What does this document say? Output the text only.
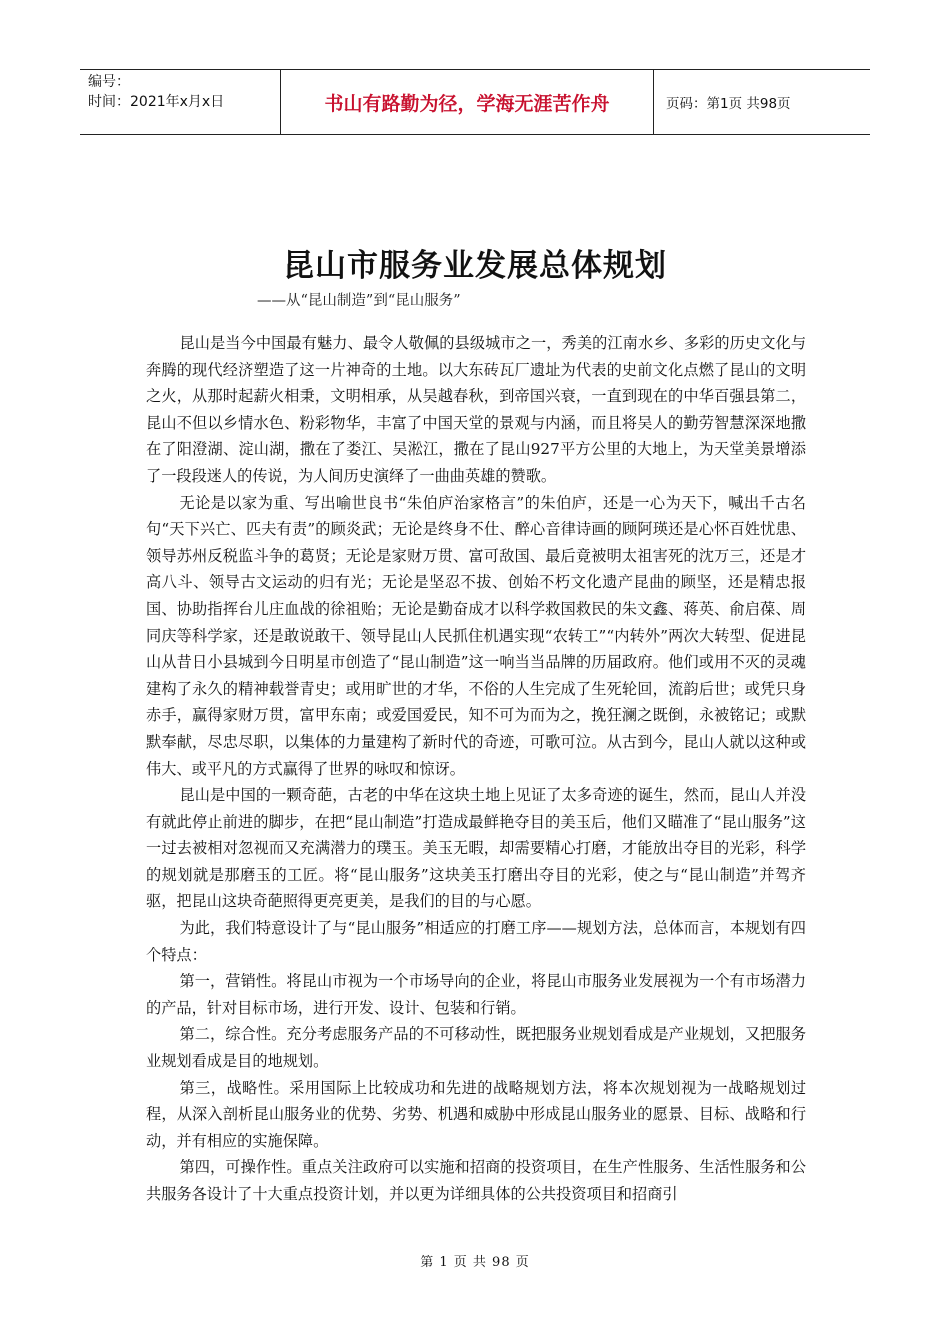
编号：
时间：2021年x月x日	书山有路勤为径，学海无涯苦作舟	页码：第1页 共98页
昆山市服务业发展总体规划
——从“昆山制造”到“昆山服务”

昆山是当今中国最有魅力、最令人敬佩的县级城市之一，秀美的江南水乡、多彩的历史文化与奔腾的现代经济塑造了这一片神奇的土地。以大东砖瓦厂遗址为代表的史前文化点燃了昆山的文明之火，从那时起薪火相秉，文明相承，从吴越春秋，到帝国兴衰，一直到现在的中华百强县第二，昆山不但以乡情水色、粉彩物华，丰富了中国天堂的景观与内涵，而且将吴人的勤劳智慧深深地撒在了阳澄湖、淀山湖，撒在了娄江、吴淞江，撒在了昆山927平方公里的大地上，为天堂美景增添了一段段迷人的传说，为人间历史演绎了一曲曲英雄的赞歌。

无论是以家为重、写出喻世良书“朱伯庐治家格言”的朱伯庐，还是一心为天下，喊出千古名句“天下兴亡、匹夫有责”的顾炎武；无论是终身不仕、醉心音律诗画的顾阿瑛还是心怀百姓忧患、领导苏州反税监斗争的葛贤；无论是家财万贯、富可敌国、最后竟被明太祖害死的沈万三，还是才高八斗、领导古文运动的归有光；无论是坚忍不拔、创始不朽文化遗产昆曲的顾坚，还是精忠报国、协助指挥台儿庄血战的徐祖贻；无论是勤奋成才以科学救国救民的朱文鑫、蒋英、俞启葆、周同庆等科学家，还是敢说敢干、领导昆山人民抓住机遇实现“农转工”“内转外”两次大转型、促进昆山从昔日小县城到今日明星市创造了“昆山制造”这一响当当品牌的历届政府。他们或用不灭的灵魂建构了永久的精神载誉青史；或用旷世的才华，不俗的人生完成了生死轮回，流韵后世；或凭只身赤手，赢得家财万贯，富甲东南；或爱国爱民，知不可为而为之，挽狂澜之既倒，永被铭记；或默默奉献，尽忠尽职，以集体的力量建构了新时代的奇迹，可歌可泣。从古到今，昆山人就以这种或伟大、或平凡的方式赢得了世界的咏叹和惊讶。

昆山是中国的一颗奇葩，古老的中华在这块土地上见证了太多奇迹的诞生，然而，昆山人并没有就此停止前进的脚步，在把“昆山制造”打造成最鲜艳夺目的美玉后，他们又瞄准了“昆山服务”这一过去被相对忽视而又充满潜力的璞玉。美玉无暇，却需要精心打磨，才能放出夺目的光彩，科学的规划就是那磨玉的工匠。将“昆山服务”这块美玉打磨出夺目的光彩，使之与“昆山制造”并驾齐驱，把昆山这块奇葩照得更亮更美，是我们的目的与心愿。

为此，我们特意设计了与“昆山服务”相适应的打磨工序——规划方法，总体而言，本规划有四个特点：

第一，营销性。将昆山市视为一个市场导向的企业，将昆山市服务业发展视为一个有市场潜力的产品，针对目标市场，进行开发、设计、包装和行销。

第二，综合性。充分考虑服务产品的不可移动性，既把服务业规划看成是产业规划，又把服务业规划看成是目的地规划。

第三，战略性。采用国际上比较成功和先进的战略规划方法，将本次规划视为一战略规划过程，从深入剖析昆山服务业的优势、劣势、机遇和威胁中形成昆山服务业的愿景、目标、战略和行动，并有相应的实施保障。

第四，可操作性。重点关注政府可以实施和招商的投资项目，在生产性服务、生活性服务和公共服务各设计了十大重点投资计划，并以更为详细具体的公共投资项目和招商引

第 1 页 共 98 页
